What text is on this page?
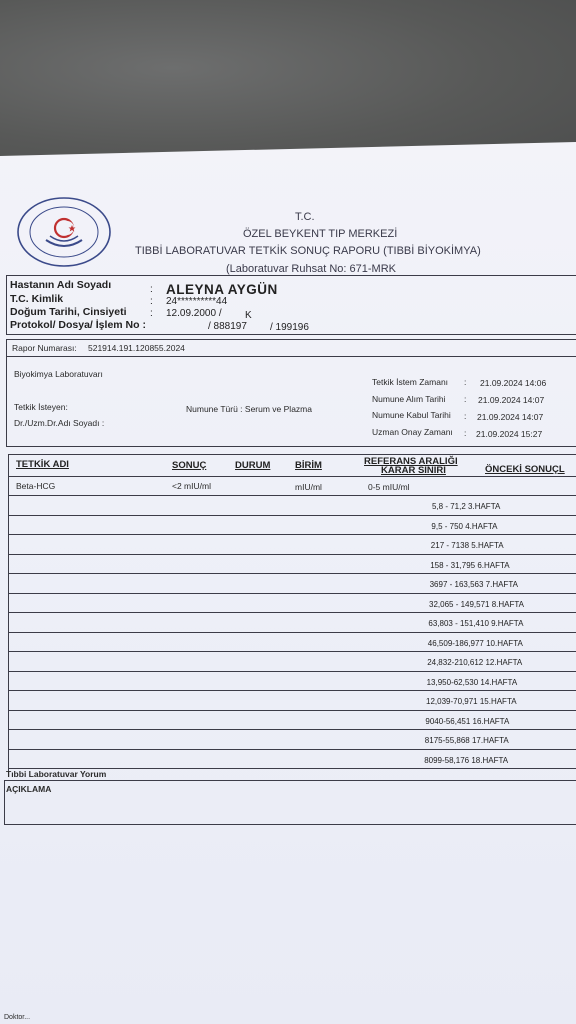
T.C.
ÖZEL BEYKENT TIP MERKEZİ
TIBBİ LABORATUVAR TETKİK SONUÇ RAPORU (TIBBİ BİYOKİMYA)
(Laboratuvar Ruhsat No: 671-MRK
Hastanın Adı Soyadı	: ALEYNA AYGÜN
T.C. Kimlik	: 24**********44
Doğum Tarihi, Cinsiyeti : 12.09.2000 / K
Protokol/ Dosya/ İşlem No :	/ 888197 / 199196
Rapor Numarası: 521914.191.120855.2024
Biyokimya Laboratuvarı
Tetkik İsteyen:
Dr./Uzm.Dr.Adı Soyadı :
Numune Türü : Serum ve Plazma
Tetkik İstem Zamanı : 21.09.2024 14:06
Numune Alım Tarihi : 21.09.2024 14:07
Numune Kabul Tarihi : 21.09.2024 14:07
Uzman Onay Zamanı : 21.09.2024 15:27
TETKİK ADI	SONUÇ	DURUM	BİRİM	REFERANS ARALIĞI
KARAR SINIRI	ÖNCEKİ SONUÇL
Beta-HCG	<2 mIU/ml	mIU/ml	0-5 mIU/ml
5,8 - 71,2 3.HAFTA
9,5 - 750 4.HAFTA
217 - 7138 5.HAFTA
158 - 31,795 6.HAFTA
3697 - 163,563 7.HAFTA
32,065 - 149,571 8.HAFTA
63,803 - 151,410 9.HAFTA
46,509-186,977 10.HAFTA
24,832-210,612 12.HAFTA
13,950-62,530 14.HAFTA
12,039-70,971 15.HAFTA
9040-56,451 16.HAFTA
8175-55,868 17.HAFTA
8099-58,176 18.HAFTA
Tıbbi Laboratuvar Yorum
AÇIKLAMA
Doktor...
